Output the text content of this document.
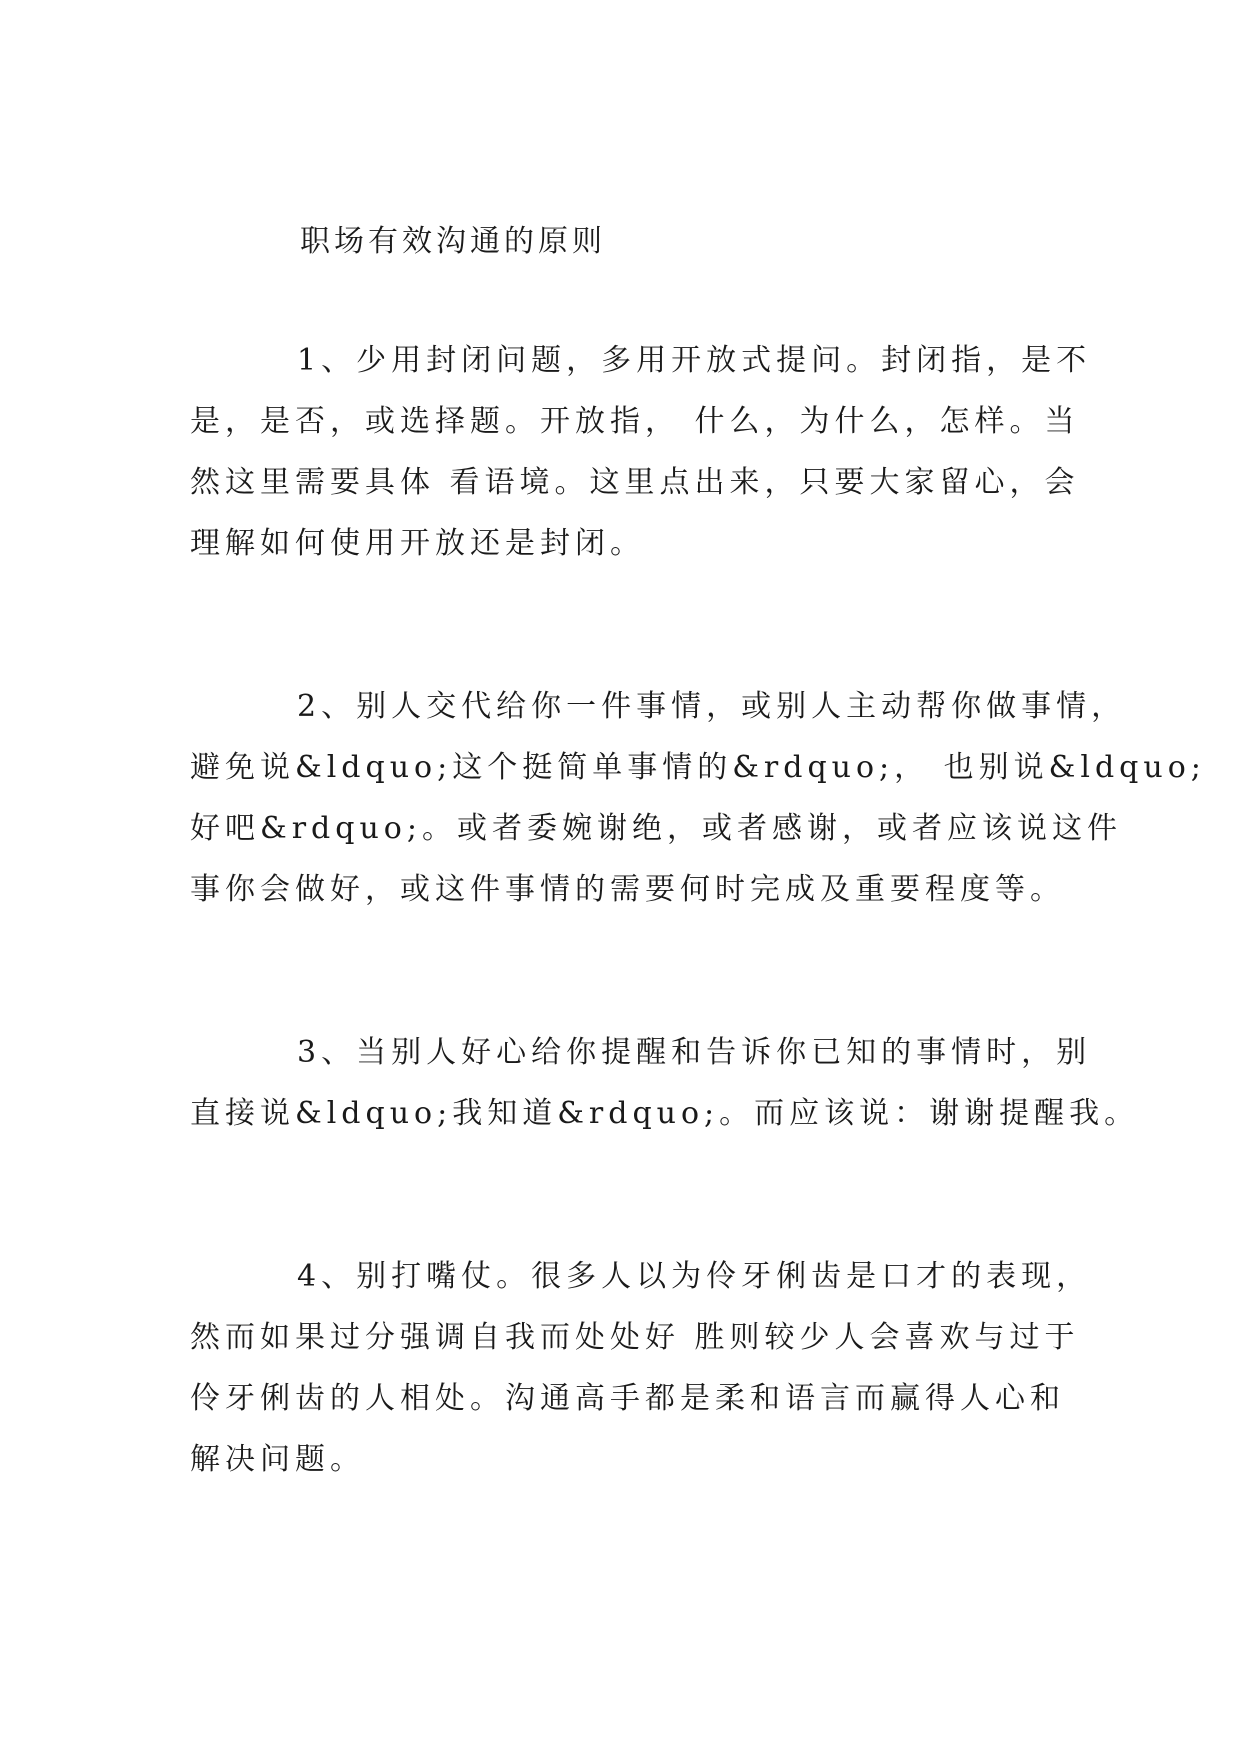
职场有效沟通的原则
1、少用封闭问题，多用开放式提问。封闭指，是不
是，是否，或选择题。开放指， 什么，为什么，怎样。当
然这里需要具体 看语境。这里点出来，只要大家留心，会
理解如何使用开放还是封闭。
2、别人交代给你一件事情，或别人主动帮你做事情，
避免说&ldquo;这个挺简单事情的&rdquo;， 也别说&ldquo;
好吧&rdquo;。或者委婉谢绝，或者感谢，或者应该说这件
事你会做好，或这件事情的需要何时完成及重要程度等。
3、当别人好心给你提醒和告诉你已知的事情时，别
直接说&ldquo;我知道&rdquo;。而应该说：谢谢提醒我。
4、别打嘴仗。很多人以为伶牙俐齿是口才的表现，
然而如果过分强调自我而处处好 胜则较少人会喜欢与过于
伶牙俐齿的人相处。沟通高手都是柔和语言而赢得人心和
解决问题。
